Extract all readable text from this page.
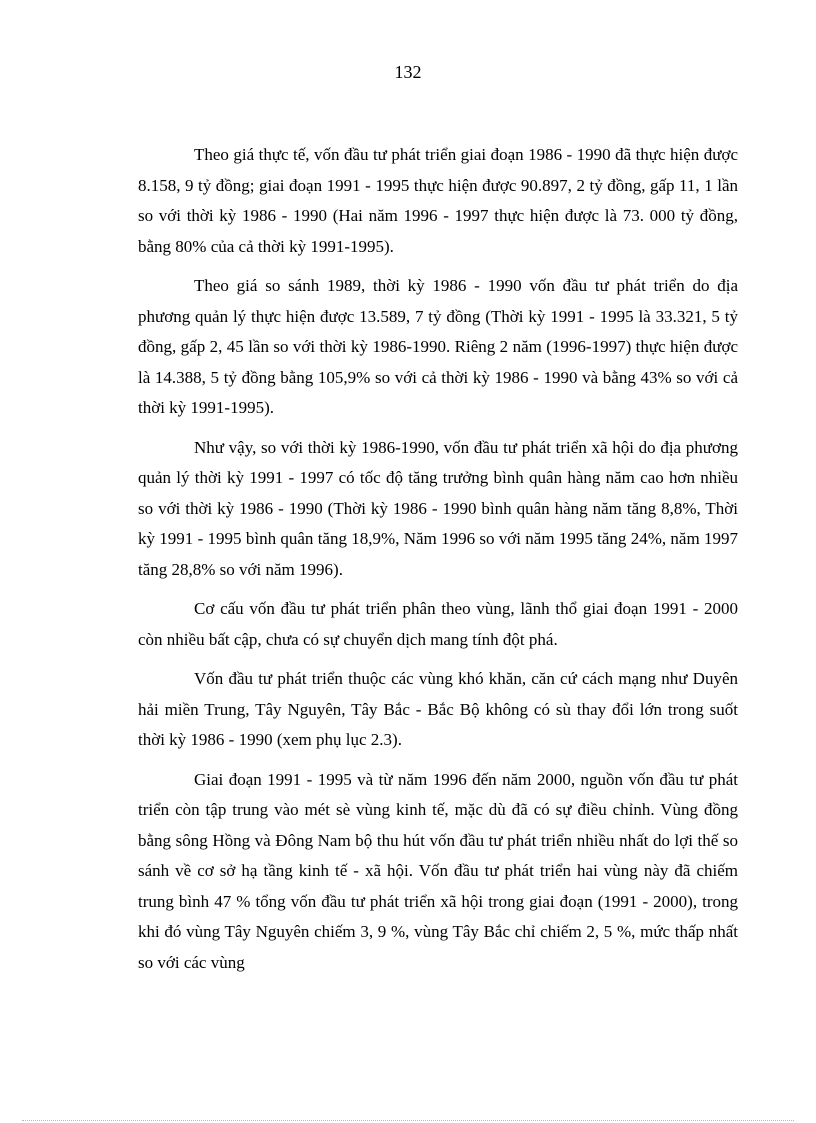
132

Theo giá thực tế, vốn đầu tư phát triển giai đoạn 1986 - 1990 đã thực hiện được 8.158, 9 tỷ đồng; giai đoạn 1991 - 1995 thực hiện được 90.897, 2 tỷ đồng, gấp 11, 1 lần so với thời kỳ 1986 - 1990 (Hai năm 1996 - 1997 thực hiện được là 73. 000 tỷ đồng, bằng 80% của cả thời kỳ 1991-1995).

Theo giá so sánh 1989, thời kỳ 1986 - 1990 vốn đầu tư phát triển do địa phương quản lý thực hiện được 13.589, 7 tỷ đồng (Thời kỳ 1991 - 1995 là 33.321, 5 tỷ đồng, gấp 2, 45 lần so với thời kỳ 1986-1990. Riêng 2 năm (1996-1997) thực hiện được là 14.388, 5 tỷ đồng bằng 105,9% so với cả thời kỳ 1986 - 1990 và bằng 43% so với cả thời kỳ 1991-1995).

Như vậy, so với thời kỳ 1986-1990, vốn đầu tư phát triển xã hội do địa phương quản lý thời kỳ 1991 - 1997 có tốc độ tăng trưởng bình quân hàng năm cao hơn nhiều so với thời kỳ 1986 - 1990 (Thời kỳ 1986 - 1990 bình quân hàng năm tăng 8,8%, Thời kỳ 1991 - 1995 bình quân tăng 18,9%, Năm 1996 so với năm 1995 tăng 24%, năm 1997 tăng 28,8% so với năm 1996).

Cơ cấu vốn đầu tư phát triển phân theo vùng, lãnh thổ giai đoạn 1991 - 2000 còn nhiều bất cập, chưa có sự chuyển dịch mang tính đột phá.

Vốn đầu tư phát triển thuộc các vùng khó khăn, căn cứ cách mạng như Duyên hải miền Trung, Tây Nguyên, Tây Bắc - Bắc Bộ không có sù thay đổi lớn trong suốt thời kỳ 1986 - 1990 (xem phụ lục 2.3).

Giai đoạn 1991 - 1995 và từ năm 1996 đến năm 2000, nguồn vốn đầu tư phát triển còn tập trung vào mét sè vùng kinh tế, mặc dù đã có sự điều chỉnh. Vùng đồng bằng sông Hồng và Đông Nam bộ thu hút vốn đầu tư phát triển nhiều nhất do lợi thế so sánh về cơ sở hạ tầng kinh tế - xã hội. Vốn đầu tư phát triển hai vùng này đã chiếm trung bình 47 % tổng vốn đầu tư phát triển xã hội trong giai đoạn (1991 - 2000), trong khi đó vùng Tây Nguyên chiếm 3, 9 %, vùng Tây Bắc chỉ chiếm 2, 5 %, mức thấp nhất so với các vùng
